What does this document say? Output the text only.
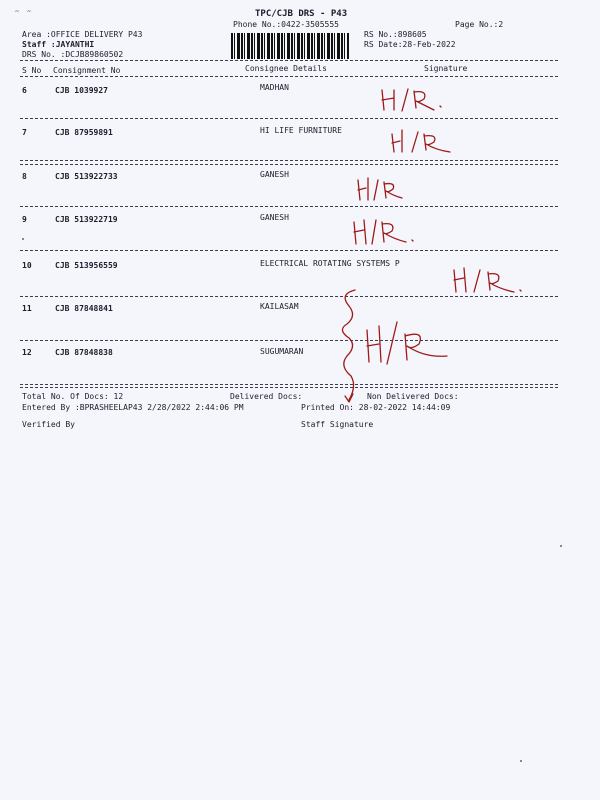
˜ ˜	TPC/CJB DRS - P43
Phone No.:0422-3505555	Page No.:2
Area :OFFICE DELIVERY P43
Staff :JAYANTHI
DRS No. :DCJB89860502
RS No.:898605
RS Date:28-Feb-2022
S No Consignment No	Consignee Details	Signature
6	CJB 1039927	MADHAN
7	CJB 87959891	HI LIFE FURNITURE
8	CJB 513922733	GANESH
9	CJB 513922719	GANESH
10	CJB 513956559	ELECTRICAL ROTATING SYSTEMS P
11	CJB 87848841	KAILASAM
12	CJB 87848838	SUGUMARAN
Total No. Of Docs: 12	Delivered Docs:	Non Delivered Docs:
Entered By :BPRASHEELAP43 2/28/2022 2:44:06 PM	Printed On: 28-02-2022 14:44:09
Verified By	Staff Signature
